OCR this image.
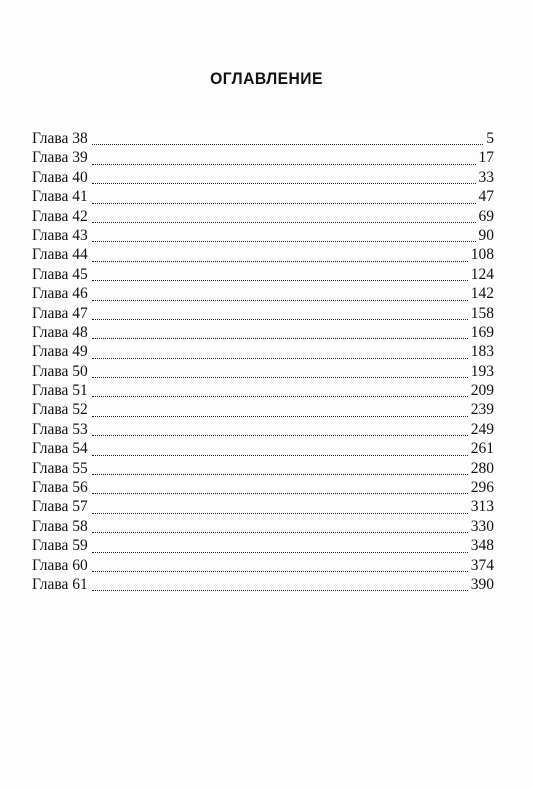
ОГЛАВЛЕНИЕ
Глава 38	5
Глава 39	17
Глава 40	33
Глава 41	47
Глава 42	69
Глава 43	90
Глава 44	108
Глава 45	124
Глава 46	142
Глава 47	158
Глава 48	169
Глава 49	183
Глава 50	193
Глава 51	209
Глава 52	239
Глава 53	249
Глава 54	261
Глава 55	280
Глава 56	296
Глава 57	313
Глава 58	330
Глава 59	348
Глава 60	374
Глава 61	390
